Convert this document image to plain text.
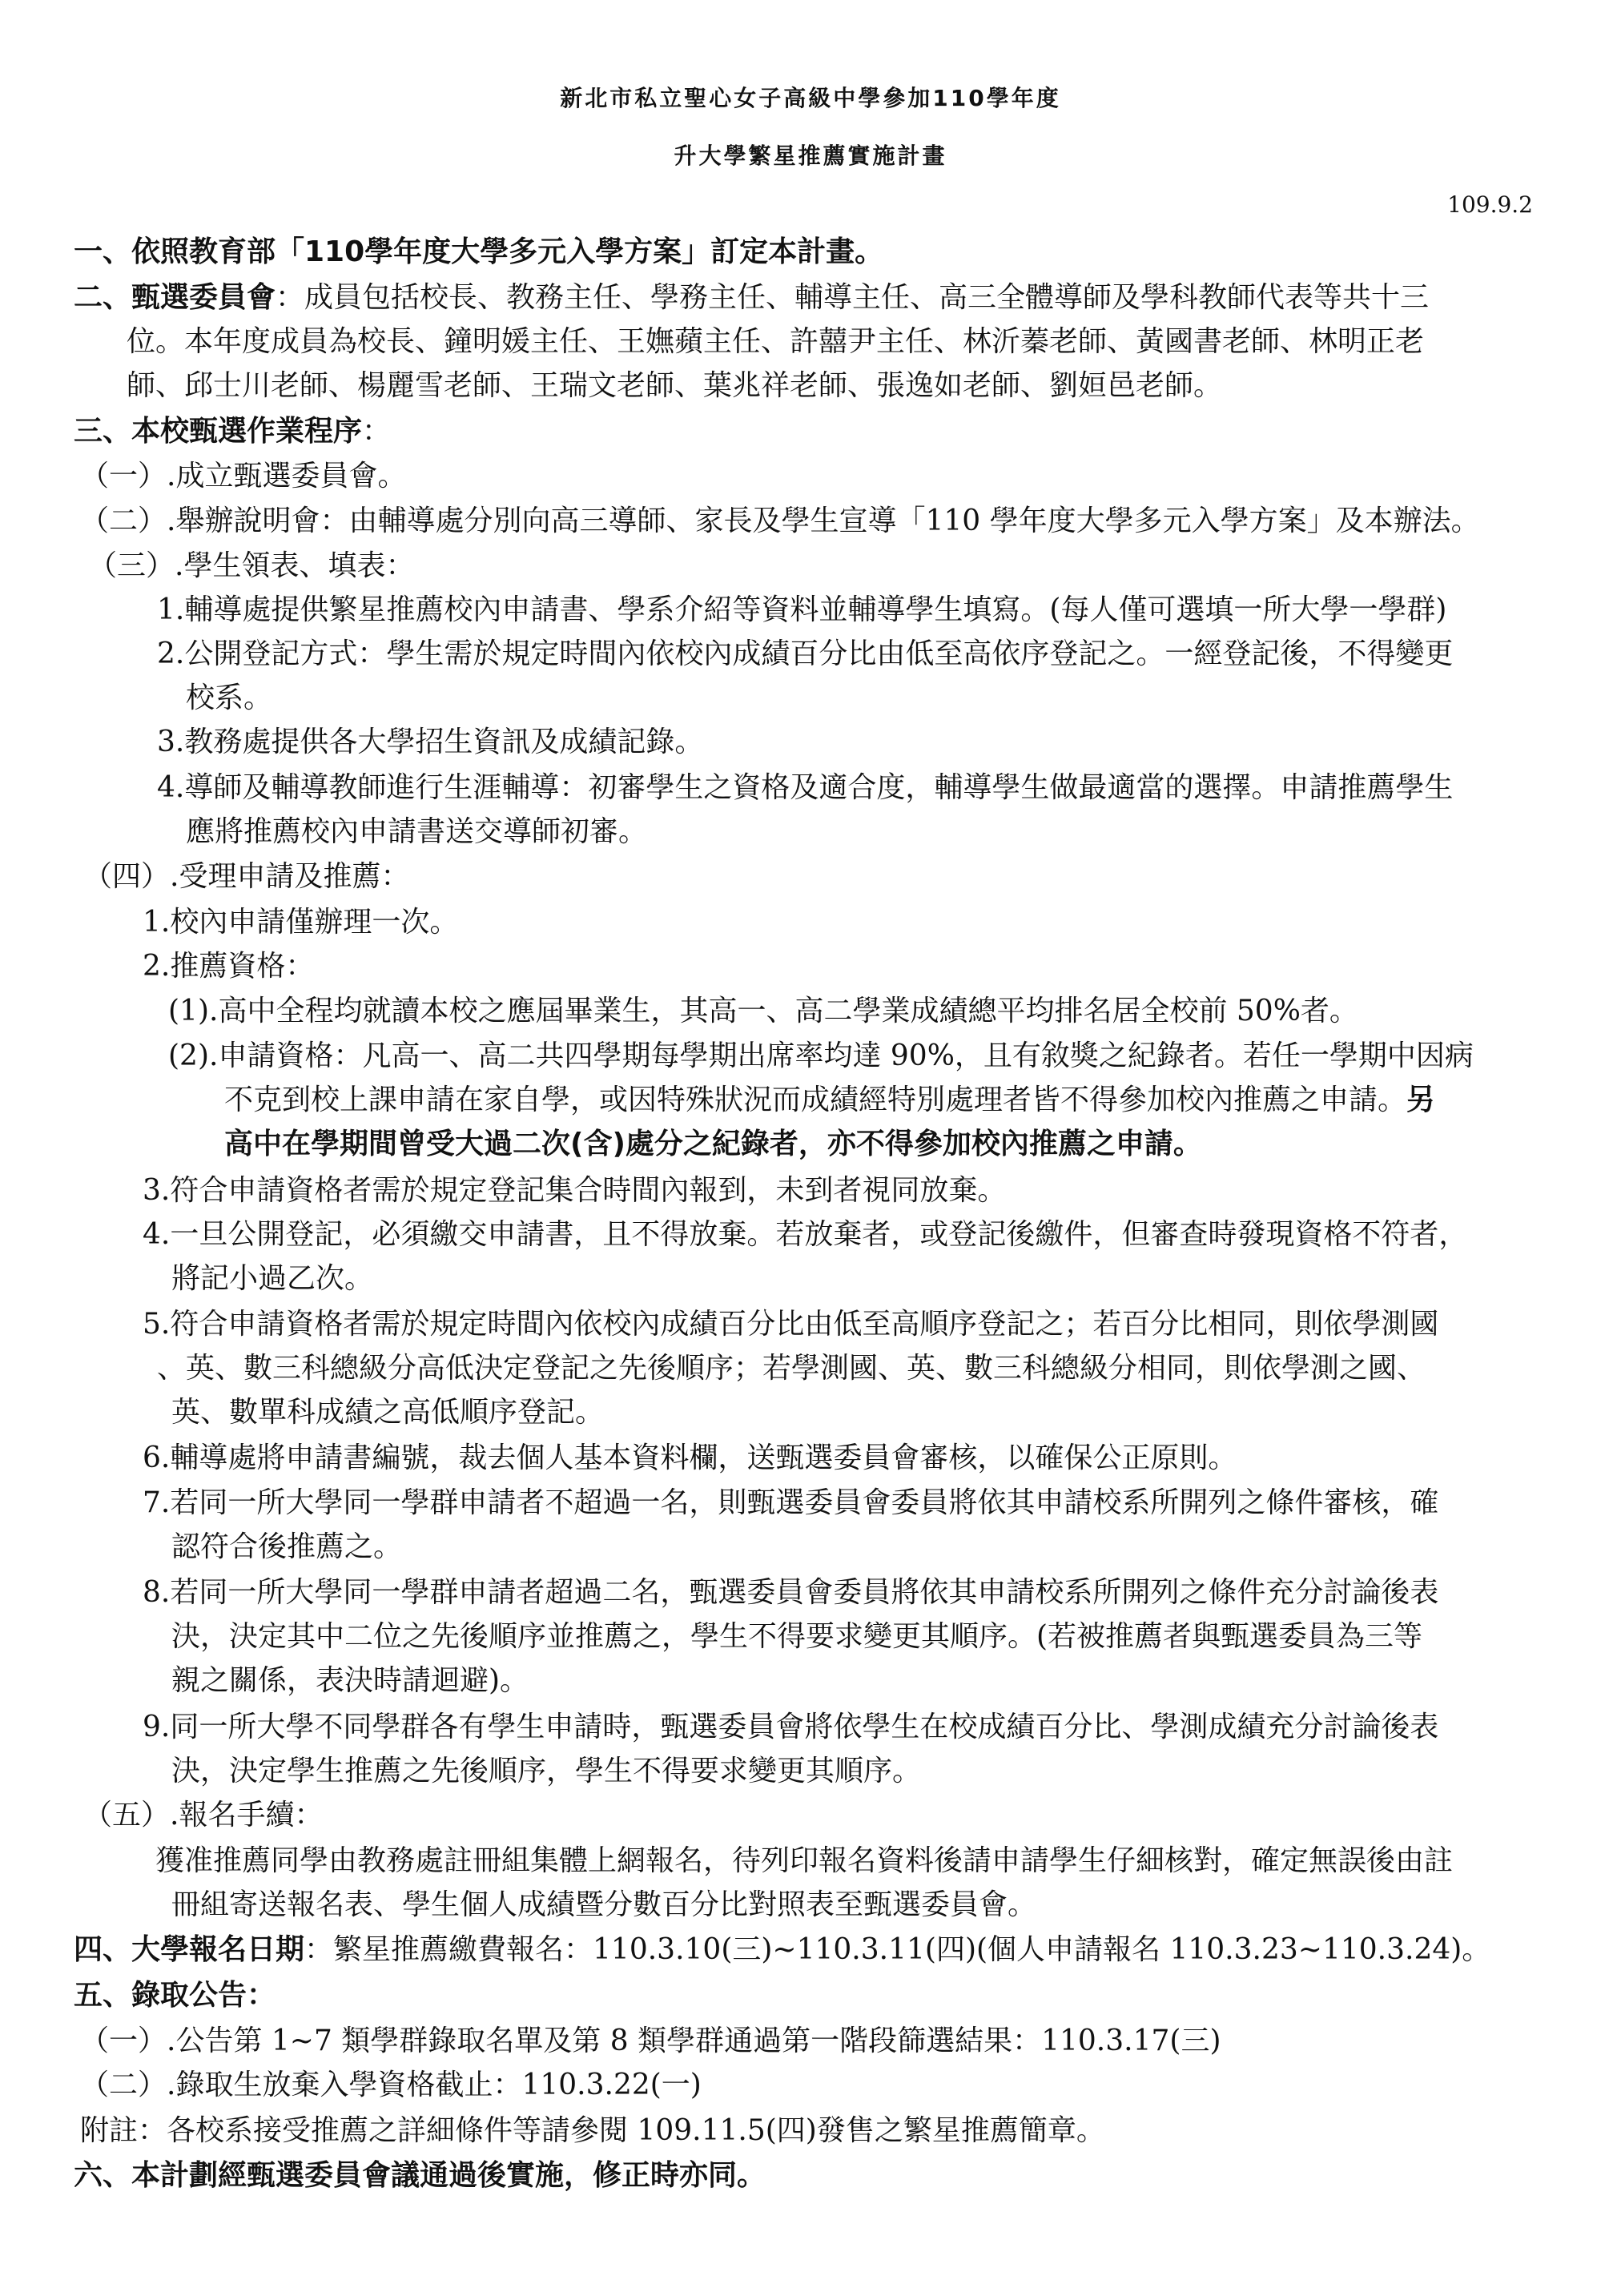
新北市私立聖心女子高級中學參加110學年度
升大學繁星推薦實施計畫
109.9.2
一、依照教育部「110學年度大學多元入學方案」訂定本計畫。
二、甄選委員會：成員包括校長、教務主任、學務主任、輔導主任、高三全體導師及學科教師代表等共十三
位。本年度成員為校長、鐘明媛主任、王嫵蘋主任、許囍尹主任、林沂蓁老師、黃國書老師、林明正老
師、邱士川老師、楊麗雪老師、王瑞文老師、葉兆祥老師、張逸如老師、劉姮邑老師。
三、本校甄選作業程序：
（一）.成立甄選委員會。
（二）.舉辦說明會：由輔導處分別向高三導師、家長及學生宣導「110 學年度大學多元入學方案」及本辦法。
（三）.學生領表、填表：
1.輔導處提供繁星推薦校內申請書、學系介紹等資料並輔導學生填寫。(每人僅可選填一所大學一學群)
2.公開登記方式：學生需於規定時間內依校內成績百分比由低至高依序登記之。一經登記後，不得變更
校系。
3.教務處提供各大學招生資訊及成績記錄。
4.導師及輔導教師進行生涯輔導：初審學生之資格及適合度，輔導學生做最適當的選擇。申請推薦學生
應將推薦校內申請書送交導師初審。
（四）.受理申請及推薦：
1.校內申請僅辦理一次。
2.推薦資格：
(1).高中全程均就讀本校之應屆畢業生，其高一、高二學業成績總平均排名居全校前 50%者。
(2).申請資格：凡高一、高二共四學期每學期出席率均達 90%，且有敘獎之紀錄者。若任一學期中因病
不克到校上課申請在家自學，或因特殊狀況而成績經特別處理者皆不得參加校內推薦之申請。另
高中在學期間曾受大過二次(含)處分之紀錄者，亦不得參加校內推薦之申請。
3.符合申請資格者需於規定登記集合時間內報到，未到者視同放棄。
4.一旦公開登記，必須繳交申請書，且不得放棄。若放棄者，或登記後繳件，但審查時發現資格不符者，
將記小過乙次。
5.符合申請資格者需於規定時間內依校內成績百分比由低至高順序登記之；若百分比相同，則依學測國
、英、數三科總級分高低決定登記之先後順序；若學測國、英、數三科總級分相同，則依學測之國、
英、數單科成績之高低順序登記。
6.輔導處將申請書編號，裁去個人基本資料欄，送甄選委員會審核，以確保公正原則。
7.若同一所大學同一學群申請者不超過一名，則甄選委員會委員將依其申請校系所開列之條件審核，確
認符合後推薦之。
8.若同一所大學同一學群申請者超過二名，甄選委員會委員將依其申請校系所開列之條件充分討論後表
決，決定其中二位之先後順序並推薦之，學生不得要求變更其順序。(若被推薦者與甄選委員為三等
親之關係，表決時請迴避)。
9.同一所大學不同學群各有學生申請時，甄選委員會將依學生在校成績百分比、學測成績充分討論後表
決，決定學生推薦之先後順序，學生不得要求變更其順序。
（五）.報名手續：
獲准推薦同學由教務處註冊組集體上網報名，待列印報名資料後請申請學生仔細核對，確定無誤後由註
冊組寄送報名表、學生個人成績暨分數百分比對照表至甄選委員會。
四、大學報名日期：繁星推薦繳費報名：110.3.10(三)~110.3.11(四)(個人申請報名 110.3.23~110.3.24)。
五、錄取公告：
（一）.公告第 1~7 類學群錄取名單及第 8 類學群通過第一階段篩選結果：110.3.17(三)
（二）.錄取生放棄入學資格截止：110.3.22(一)
附註：各校系接受推薦之詳細條件等請參閱 109.11.5(四)發售之繁星推薦簡章。
六、本計劃經甄選委員會議通過後實施，修正時亦同。
